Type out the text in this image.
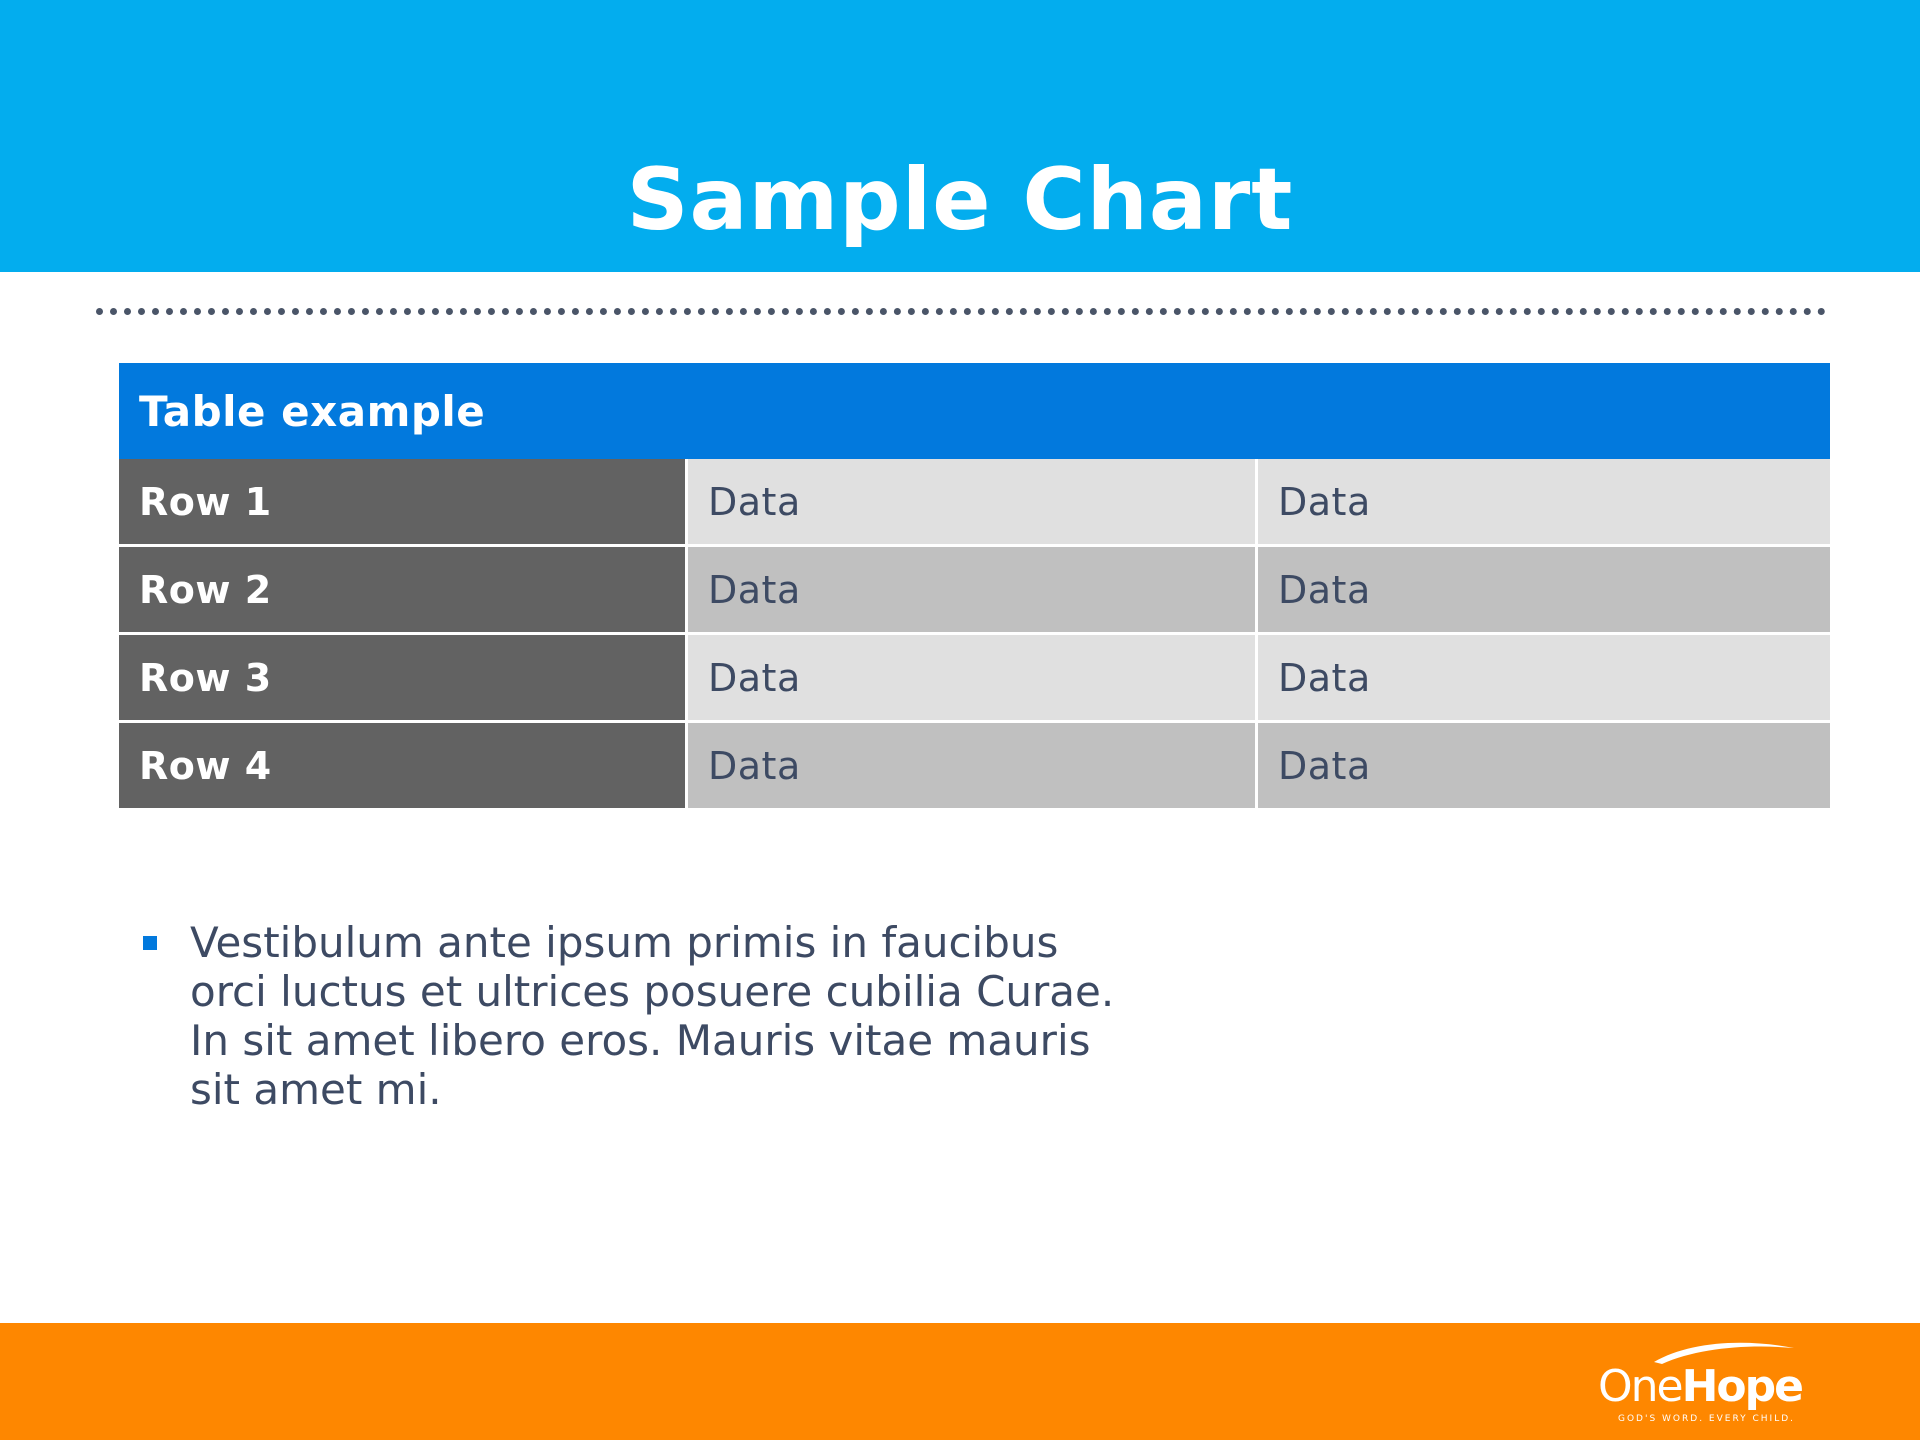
Sample Chart
Table example		
Row 1	Data	Data
Row 2	Data	Data
Row 3	Data	Data
Row 4	Data	Data
Vestibulum ante ipsum primis in faucibus orci luctus et ultrices posuere cubilia Curae. In sit amet libero eros. Mauris vitae mauris sit amet mi.
OneHope
GOD'S WORD. EVERY CHILD.
